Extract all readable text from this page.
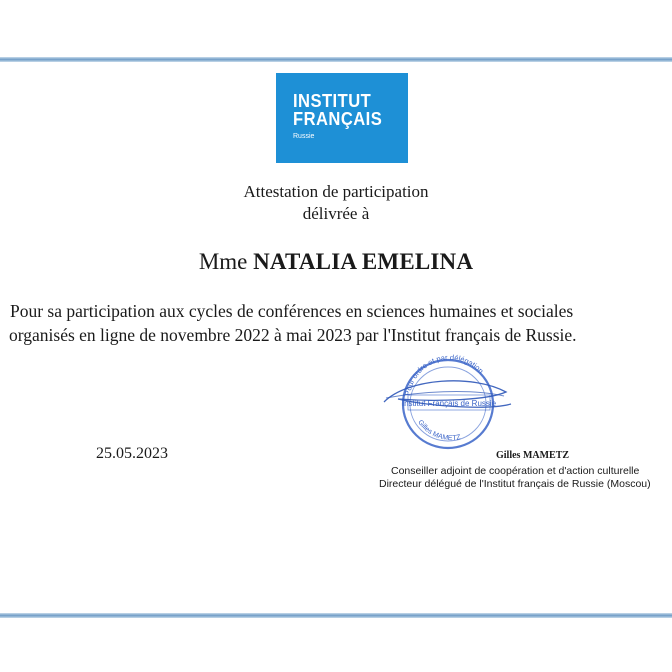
INSTITUT
FRANÇAIS
Russie
Attestation de participation
délivrée à
Mme NATALIA EMELINA
Pour sa participation aux cycles de conférences en sciences humaines et sociales
organisés en ligne de novembre 2022 à mai 2023 par l'Institut français de Russie.
25.05.2023
Pour ordre et par délégation
Institut Français de Russie
Gilles MAMETZ
Gilles MAMETZ
Conseiller adjoint de coopération et d'action culturelle
Directeur délégué de l'Institut français de Russie (Moscou)
